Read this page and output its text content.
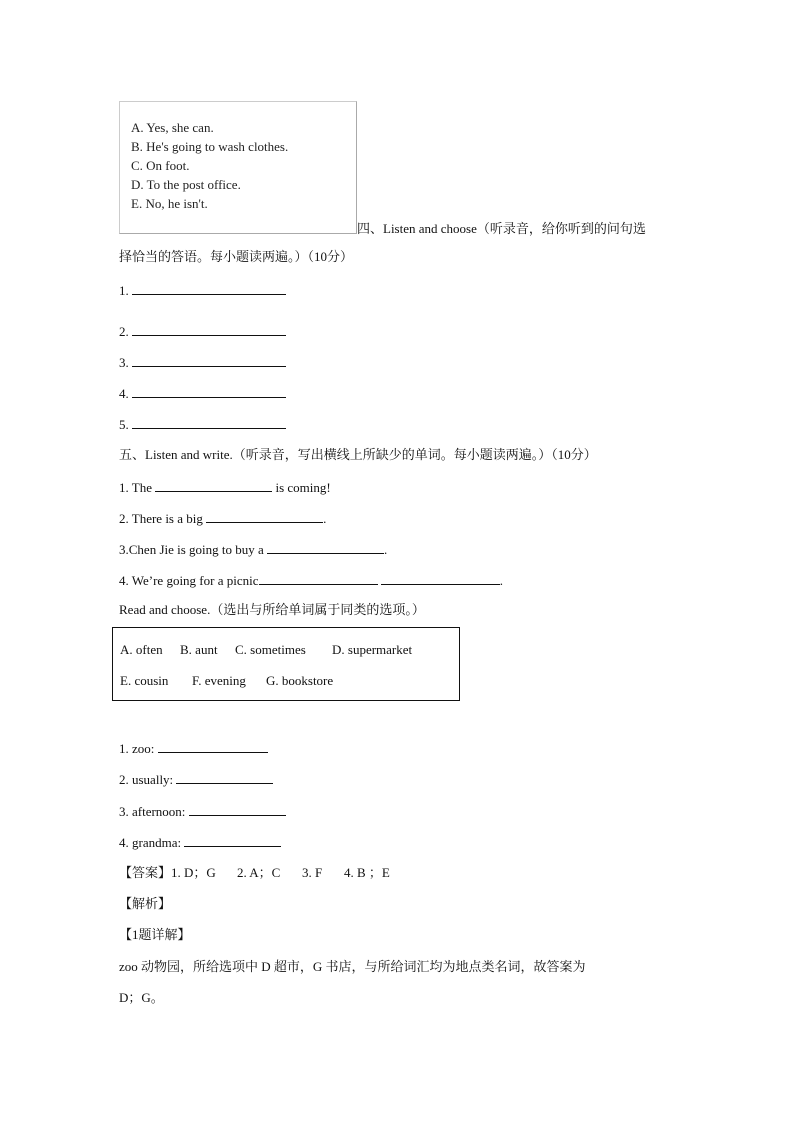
A. Yes, she can.
B. He's going to wash clothes.
C. On foot.
D. To the post office.
E. No, he isn't.
四、Listen and choose（听录音，给你听到的问句选
择恰当的答语。每小题读两遍。）（10分）
1.
2.
3.
4.
5.
五、Listen and write.（听录音，写出横线上所缺少的单词。每小题读两遍。）（10分）
1. The	is coming!
2. There is a big	.
3.Chen Jie is going to buy a	.
4. We’re going for a picnic	.
Read and choose.（选出与所给单词属于同类的选项。）
A. often B. aunt C. sometimes D. supermarket
E. cousin F. evening G. bookstore
1. zoo:
2. usually:
3. afternoon:
4. grandma:
【答案】1. D；G 2. A；C 3. F 4. B ；E
【解析】
【1题详解】
zoo 动物园，所给选项中 D 超市，G 书店，与所给词汇均为地点类名词，故答案为
D；G。
